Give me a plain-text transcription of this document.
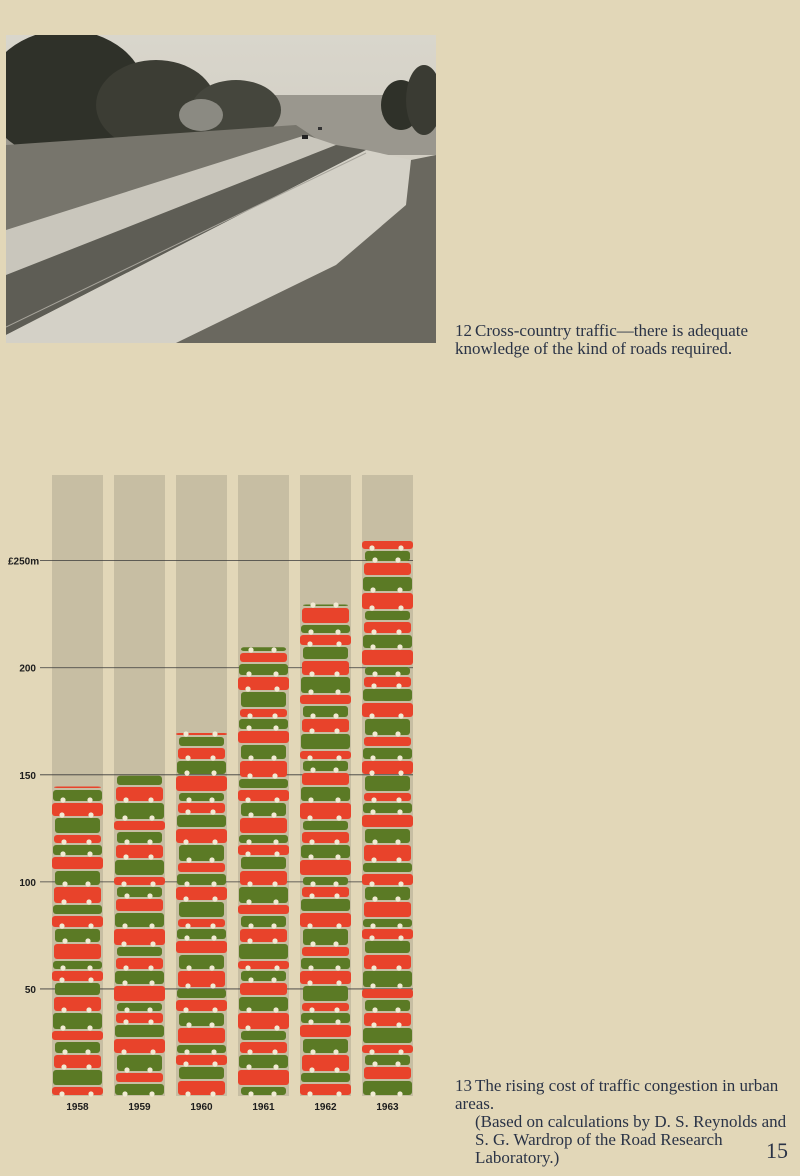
12 Cross-country traffic—there is adequate knowledge of the kind of roads required.
50
100
150
200
£250m
1958	1959	1960	1961	1962	1963
13 The rising cost of traffic congestion in urban areas.
(Based on calculations by D. S. Reynolds and
S. G. Wardrop of the Road Research Laboratory.)	15
